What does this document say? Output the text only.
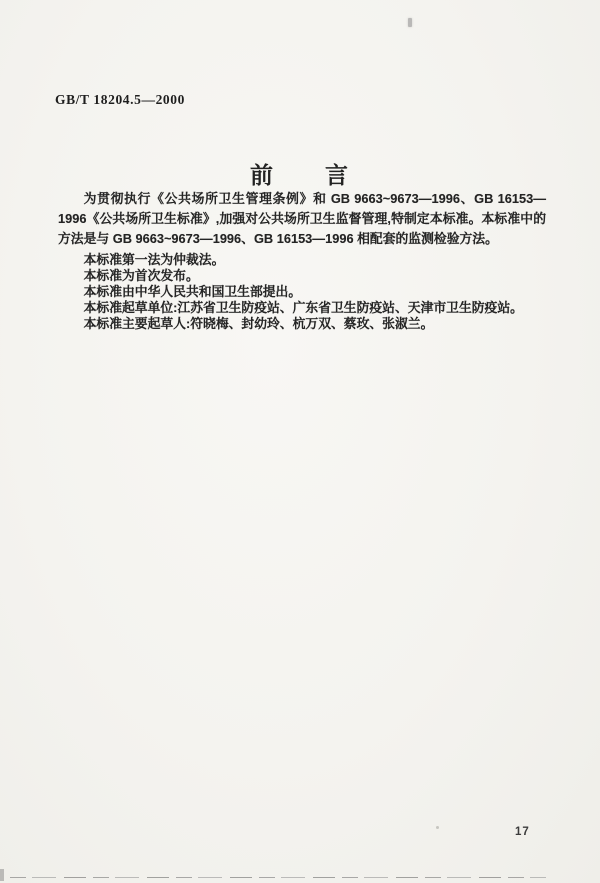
GB/T 18204.5—2000
前　　言

为贯彻执行《公共场所卫生管理条例》和 GB 9663~9673—1996、GB 16153—1996《公共场所卫生标准》,加强对公共场所卫生监督管理,特制定本标准。本标准中的方法是与 GB 9663~9673—1996、GB 16153—1996 相配套的监测检验方法。

本标准第一法为仲裁法。

本标准为首次发布。

本标准由中华人民共和国卫生部提出。

本标准起草单位:江苏省卫生防疫站、广东省卫生防疫站、天津市卫生防疫站。

本标准主要起草人:符晓梅、封幼玲、杭万双、蔡玫、张淑兰。

17
